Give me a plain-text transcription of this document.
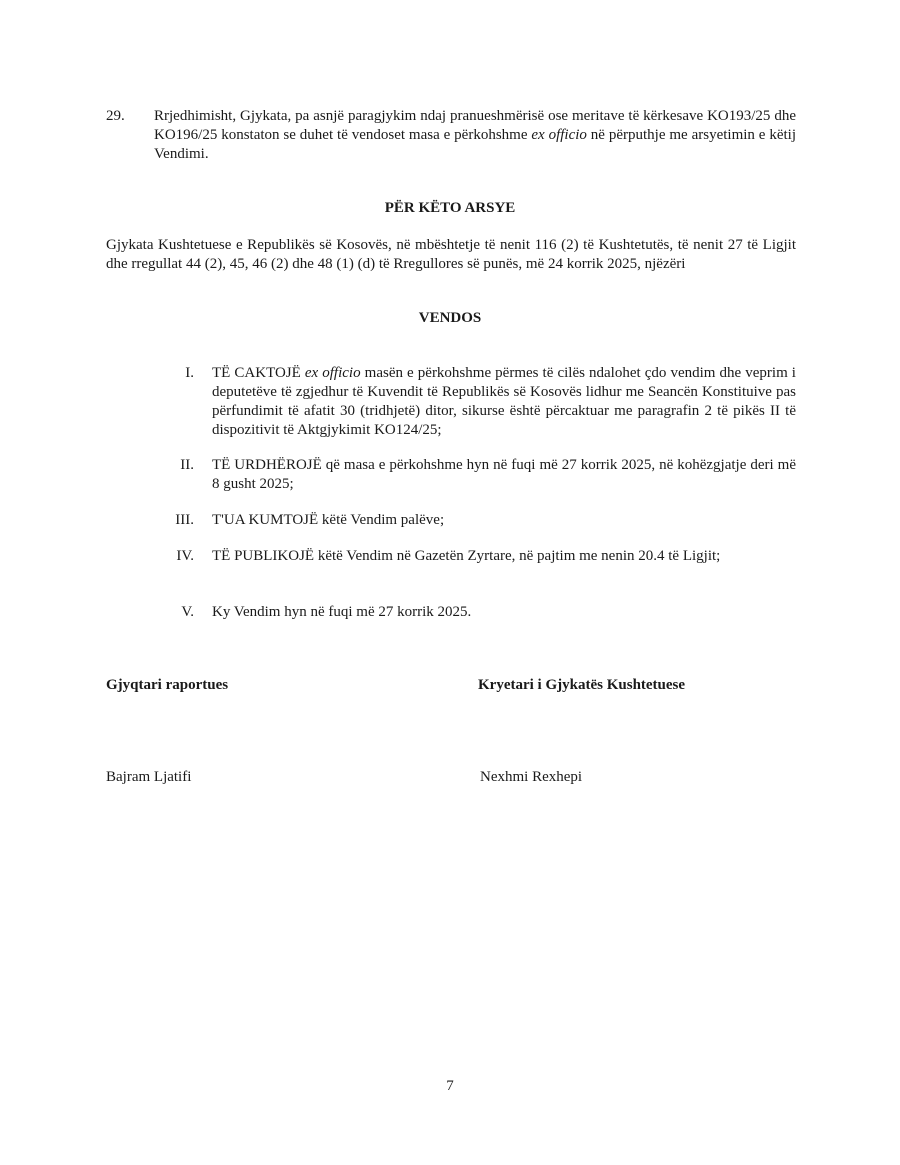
29. Rrjedhimisht, Gjykata, pa asnjë paragjykim ndaj pranueshmërisë ose meritave të kërkesave KO193/25 dhe KO196/25 konstaton se duhet të vendoset masa e përkohshme ex officio në përputhje me arsyetimin e këtij Vendimi.
PËR KËTO ARSYE
Gjykata Kushtetuese e Republikës së Kosovës, në mbështetje të nenit 116 (2) të Kushtetutës, të nenit 27 të Ligjit dhe rregullat 44 (2), 45, 46 (2) dhe 48 (1) (d) të Rregullores së punës, më 24 korrik 2025, njëzëri
VENDOS
I. TË CAKTOJË ex officio masën e përkohshme përmes të cilës ndalohet çdo vendim dhe veprim i deputetëve të zgjedhur të Kuvendit të Republikës së Kosovës lidhur me Seancën Konstituive pas përfundimit të afatit 30 (tridhjetë) ditor, sikurse është përcaktuar me paragrafin 2 të pikës II të dispozitivit të Aktgjykimit KO124/25;
II. TË URDHËROJË që masa e përkohshme hyn në fuqi më 27 korrik 2025, në kohëzgjatje deri më 8 gusht 2025;
III. T'UA KUMTOJË këtë Vendim palëve;
IV. TË PUBLIKOJË këtë Vendim në Gazetën Zyrtare, në pajtim me nenin 20.4 të Ligjit;
V. Ky Vendim hyn në fuqi më 27 korrik 2025.
Gjyqtari raportues	Kryetari i Gjykatës Kushtetuese
Bajram Ljatifi	Nexhmi Rexhepi
7
